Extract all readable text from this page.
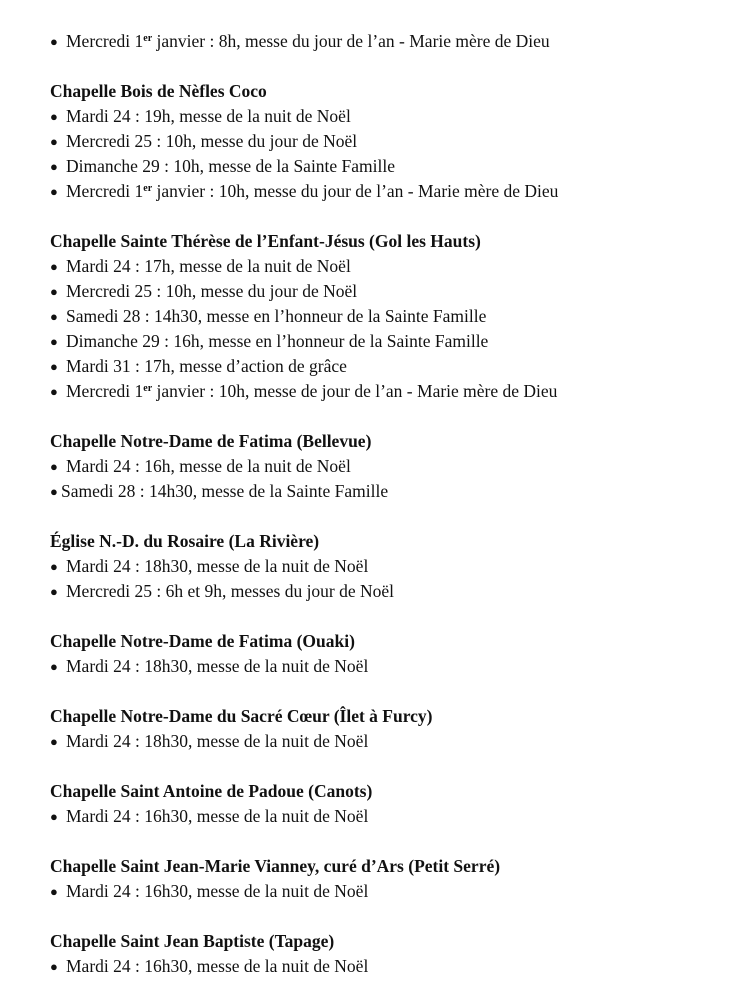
● Mercredi 1er janvier : 8h, messe du jour de l’an - Marie mère de Dieu
Chapelle Bois de Nèfles Coco
● Mardi 24 : 19h, messe de la nuit de Noël
● Mercredi 25 : 10h, messe du jour de Noël
● Dimanche 29 : 10h, messe de la Sainte Famille
● Mercredi 1er janvier : 10h, messe du jour de l’an - Marie mère de Dieu
Chapelle Sainte Thérèse de l’Enfant-Jésus (Gol les Hauts)
● Mardi 24 : 17h, messe de la nuit de Noël
● Mercredi 25 : 10h, messe du jour de Noël
● Samedi 28 : 14h30, messe en l’honneur de la Sainte Famille
● Dimanche 29 : 16h, messe en l’honneur de la Sainte Famille
● Mardi 31 : 17h, messe d’action de grâce
● Mercredi 1er janvier : 10h, messe de jour de l’an - Marie mère de Dieu
Chapelle Notre-Dame de Fatima (Bellevue)
● Mardi 24 : 16h, messe de la nuit de Noël
● Samedi 28 : 14h30, messe de la Sainte Famille
Église N.-D. du Rosaire (La Rivière)
● Mardi 24 : 18h30, messe de la nuit de Noël
● Mercredi 25 : 6h et 9h, messes du jour de Noël
Chapelle Notre-Dame de Fatima (Ouaki)
● Mardi 24 : 18h30, messe de la nuit de Noël
Chapelle Notre-Dame du Sacré Cœur (Îlet à Furcy)
● Mardi 24 : 18h30, messe de la nuit de Noël
Chapelle Saint Antoine de Padoue (Canots)
● Mardi 24 : 16h30, messe de la nuit de Noël
Chapelle Saint Jean-Marie Vianney, curé d’Ars (Petit Serré)
● Mardi 24 : 16h30, messe de la nuit de Noël
Chapelle Saint Jean Baptiste (Tapage)
● Mardi 24 : 16h30, messe de la nuit de Noël
